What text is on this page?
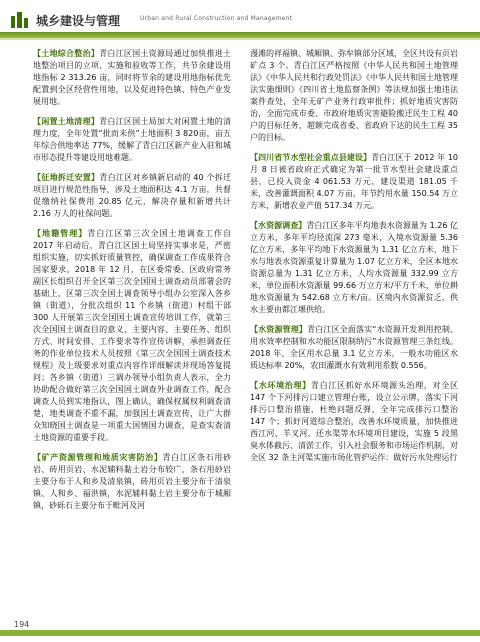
城乡建设与管理	Urban and Rural Construction and Management

【土地综合整治】青白江区国土资源局通过加快推进土地整治项目的立项、实施和验收等工作，共节余建设用地指标 2 313.26 亩，同时将节余的建设用地指标优先配置到全区经营性用地，以及促进特色镇、特色产业发展用地。

【闲置土地清理】青白江区国土局加大对闲置土地的清理力度，全年处置“批而未供”土地面积 3 820亩，亩五年综合供地率达 77%，缓解了青白江区新产业入驻和城市形态提升等建设用地难题。

【征地拆迁安置】青白江区对乡镇新启动的 40 个拆迁项目进行规范性指导，涉及土地面积达 4.1 万亩，共督促缴纳社保费用 20.85 亿元，解决存量和新增共计 2.16 万人的社保问题。

【地籍管理】青白江区第三次全国土地调查工作自 2017 年启动后，青白江区国土局坚持实事求是，严密组织实施，切实抓好质量管控，确保调查工作成果符合国家要求。2018 年 12 月，在区委常委、区政府常务副区长组织召开全区第三次全国国土调查动员部署会的基础上，区第三次全国土调查领导小组办公室深入各乡镇（街道），分批次组织 11 个乡镇（街道）村组干部 300 人开展第三次全国国土调查宣传培训工作，就第三次全国国土调查目的意义、主要内容、主要任务、组织方式、时间安排、工作要求等作宣传讲解，承担调查任务的作业单位技术人员按照《第三次全国国土调查技术规程》及上级要求对重点内容作详细解读并现场答复提问；各乡镇（街道）三调办领导小组负责人表示，全力协助配合做好第三次全国国土调查外业调查工作，配合调查人员到实地指认，图上确认，确保权属权利调查清楚，地类调查不重不漏，加强国土调查宣传，让广大群众知晓国土调查是一项重大国情国力调查，是查实查清土地资源的重要手段。

【矿产资源管理和地质灾害防治】青白江区条石用砂岩、砖用页岩、水泥辅料黏土岩分布较广，条石用砂岩主要分布于人和乡及清泉镇，砖用页岩主要分布于清泉镇、人和乡、福洪镇，水泥辅料黏土岩主要分布于城厢镇，砂砾石主要分布于毗河及河

漫滩的祥福镇、城厢镇、弥牟镇部分区域，全区共设有页岩矿点 3 个。青白江区严格按照《中华人民共和国土地管理法》《中华人民共和行政处罚法》《中华人民共和国土地管理法实施细则》《四川省土地监察条例》等法规加强土地违法案件查处，全年无矿产业务行政审批件；抓好地质灾害防治，全面完成市委、市政府地质灾害避险搬迁民生工程 40 户的目标任务，超额完成省委、省政府下达的民生工程 35 户的目标。

【四川省节水型社会重点县建设】青白江区于 2012 年 10 月 8 日被省政府正式确定为第一批节水型社会建设重点县，已投入资金 4 061.53 万元，建设渠道 181.05 千米，改善灌溉面积 4.07 万亩，年节约用水量 150.54 万立方米，新增农业产值 517.34 万元。

【水资源调查】青白江区多年平均地表水资源量为 1.26 亿立方米，多年平均径流深 273 毫米，入境水资源量 5.36 亿立方米，多年平均地下水资源量为 1.31 亿立方米，地下水与地表水资源重复计算量为 1.07 亿立方米，全区本地水资源总量为 1.31 亿立方米，人均水资源量 332.99 立方米，单位面积水资源量 99.66 万立方米/平方千米，单位耕地水资源量为 542.68 立方米/亩。区境内水资源贫乏，供水主要由都江堰供给。

【水资源管理】青白江区全面落实“水资源开发利用控制、用水效率控制和水功能区限制纳污”水资源管理三条红线。2018 年，全区用水总量 3.1 亿立方米，一般水功能区水质达标率 20%，农田灌溉水有效利用系数 0.556。

【水环境治理】青白江区抓好水环境源头治理，对全区 147 个下河排污口建立管理台账，设立公示牌，落实下河排污口整治措施，杜绝问题反弹，全年完成排污口整治 147 个；抓好河道综合整治，改善水环境质量，加快推进西江河、羊叉河、还水渠等水环境项目建设，实施 5 段黑臭水体截污、清淤工作，引入社会服务和市场运作机制，对全区 32 条主河渠实施市场化管护运作：做好污水处理运行

194
